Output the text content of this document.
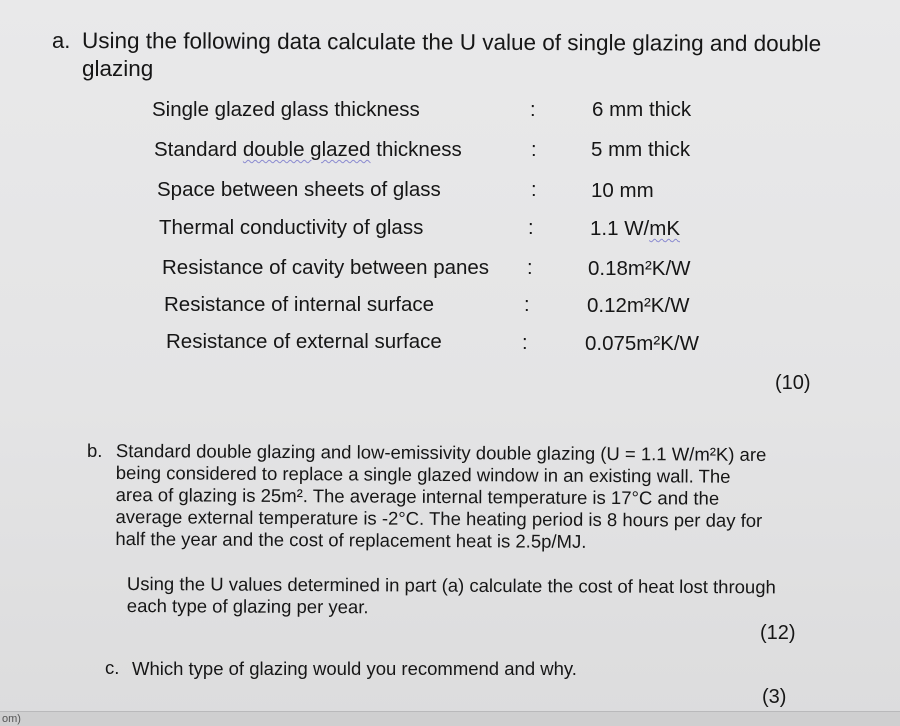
a. Using the following data calculate the U value of single glazing and double
glazing
Single glazed glass thickness	:	6 mm thick
Standard double glazed thickness	:	5 mm thick
Space between sheets of glass	:	10 mm
Thermal conductivity of glass	:	1.1 W/mK
Resistance of cavity between panes :	0.18m²K/W
Resistance of internal surface	:	0.12m²K/W
Resistance of external surface	:	0.075m²K/W
(10)
b. Standard double glazing and low-emissivity double glazing (U = 1.1 W/m²K) are
being considered to replace a single glazed window in an existing wall. The
area of glazing is 25m². The average internal temperature is 17°C and the
average external temperature is -2°C. The heating period is 8 hours per day for
half the year and the cost of replacement heat is 2.5p/MJ.
Using the U values determined in part (a) calculate the cost of heat lost through
each type of glazing per year.
(12)
c. Which type of glazing would you recommend and why.
(3)
om)
